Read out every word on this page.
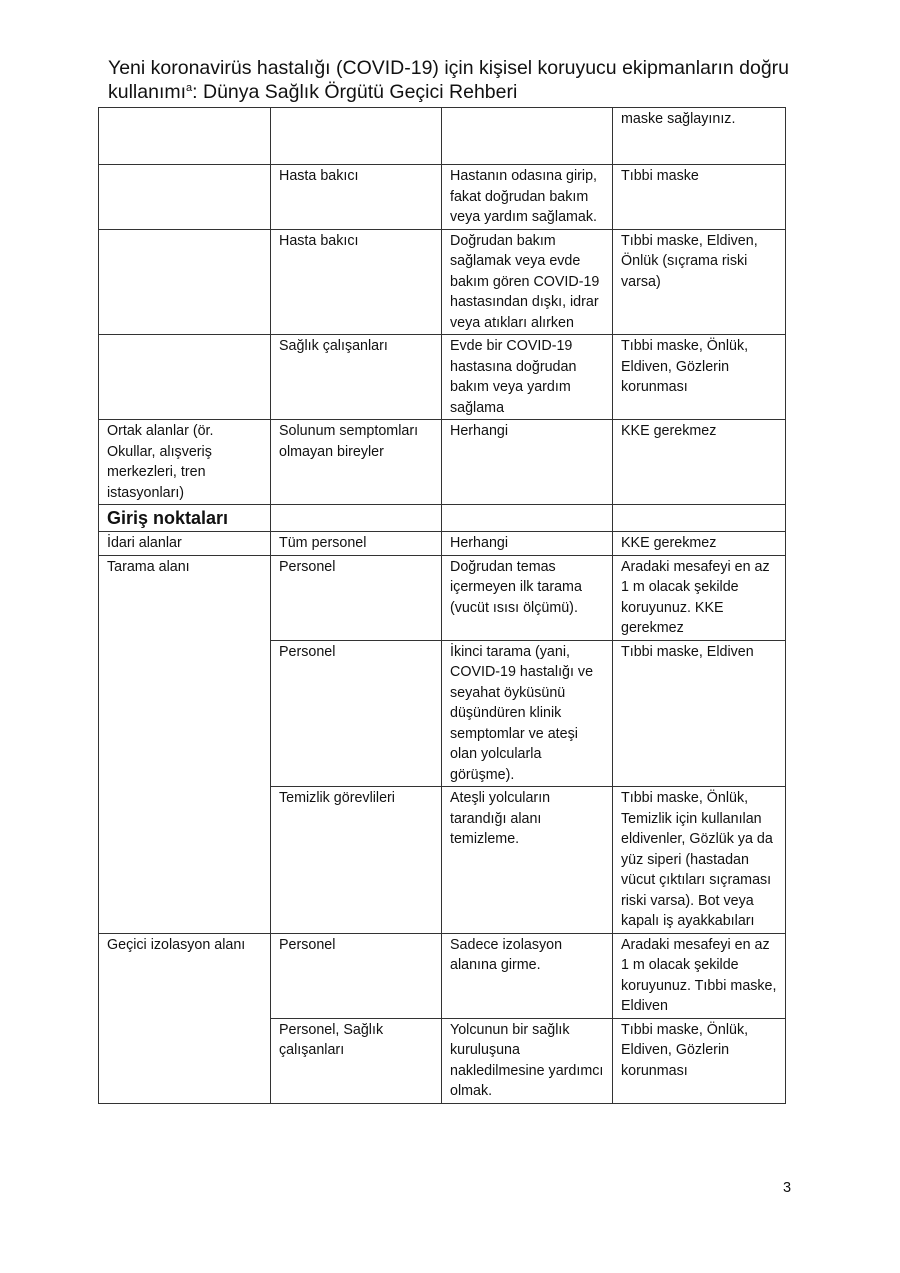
Yeni koronavirüs hastalığı (COVID-19) için kişisel koruyucu ekipmanların doğru
kullanımı$^a$: Dünya Sağlık Örgütü Geçici Rehberi
			maske sağlayınız.
	Hasta bakıcı	Hastanın odasına girip, fakat doğrudan bakım veya yardım sağlamak.	Tıbbi maske
	Hasta bakıcı	Doğrudan bakım sağlamak veya evde bakım gören COVID-19 hastasından dışkı, idrar veya atıkları alırken	Tıbbi maske, Eldiven, Önlük (sıçrama riski varsa)
	Sağlık çalışanları	Evde bir COVID-19 hastasına doğrudan bakım veya yardım sağlama	Tıbbi maske, Önlük, Eldiven, Gözlerin korunması
Ortak alanlar (ör. Okullar, alışveriş merkezleri, tren istasyonları)	Solunum semptomları olmayan bireyler	Herhangi	KKE gerekmez
Giriş noktaları			
İdari alanlar	Tüm personel	Herhangi	KKE gerekmez
Tarama alanı	Personel	Doğrudan temas içermeyen ilk tarama (vucüt ısısı ölçümü).	Aradaki mesafeyi en az 1 m olacak şekilde koruyunuz. KKE gerekmez
	Personel	İkinci tarama (yani, COVID-19 hastalığı ve seyahat öyküsünü düşündüren klinik semptomlar ve ateşi olan yolcularla görüşme).	Tıbbi maske, Eldiven
	Temizlik görevlileri	Ateşli yolcuların tarandığı alanı temizleme.	Tıbbi maske, Önlük, Temizlik için kullanılan eldivenler, Gözlük ya da yüz siperi (hastadan vücut çıktıları sıçraması riski varsa). Bot veya kapalı iş ayakkabıları
Geçici izolasyon alanı	Personel	Sadece izolasyon alanına girme.	Aradaki mesafeyi en az 1 m olacak şekilde koruyunuz. Tıbbi maske, Eldiven
	Personel, Sağlık çalışanları	Yolcunun bir sağlık kuruluşuna nakledilmesine yardımcı olmak.	Tıbbi maske, Önlük, Eldiven, Gözlerin korunması
3
